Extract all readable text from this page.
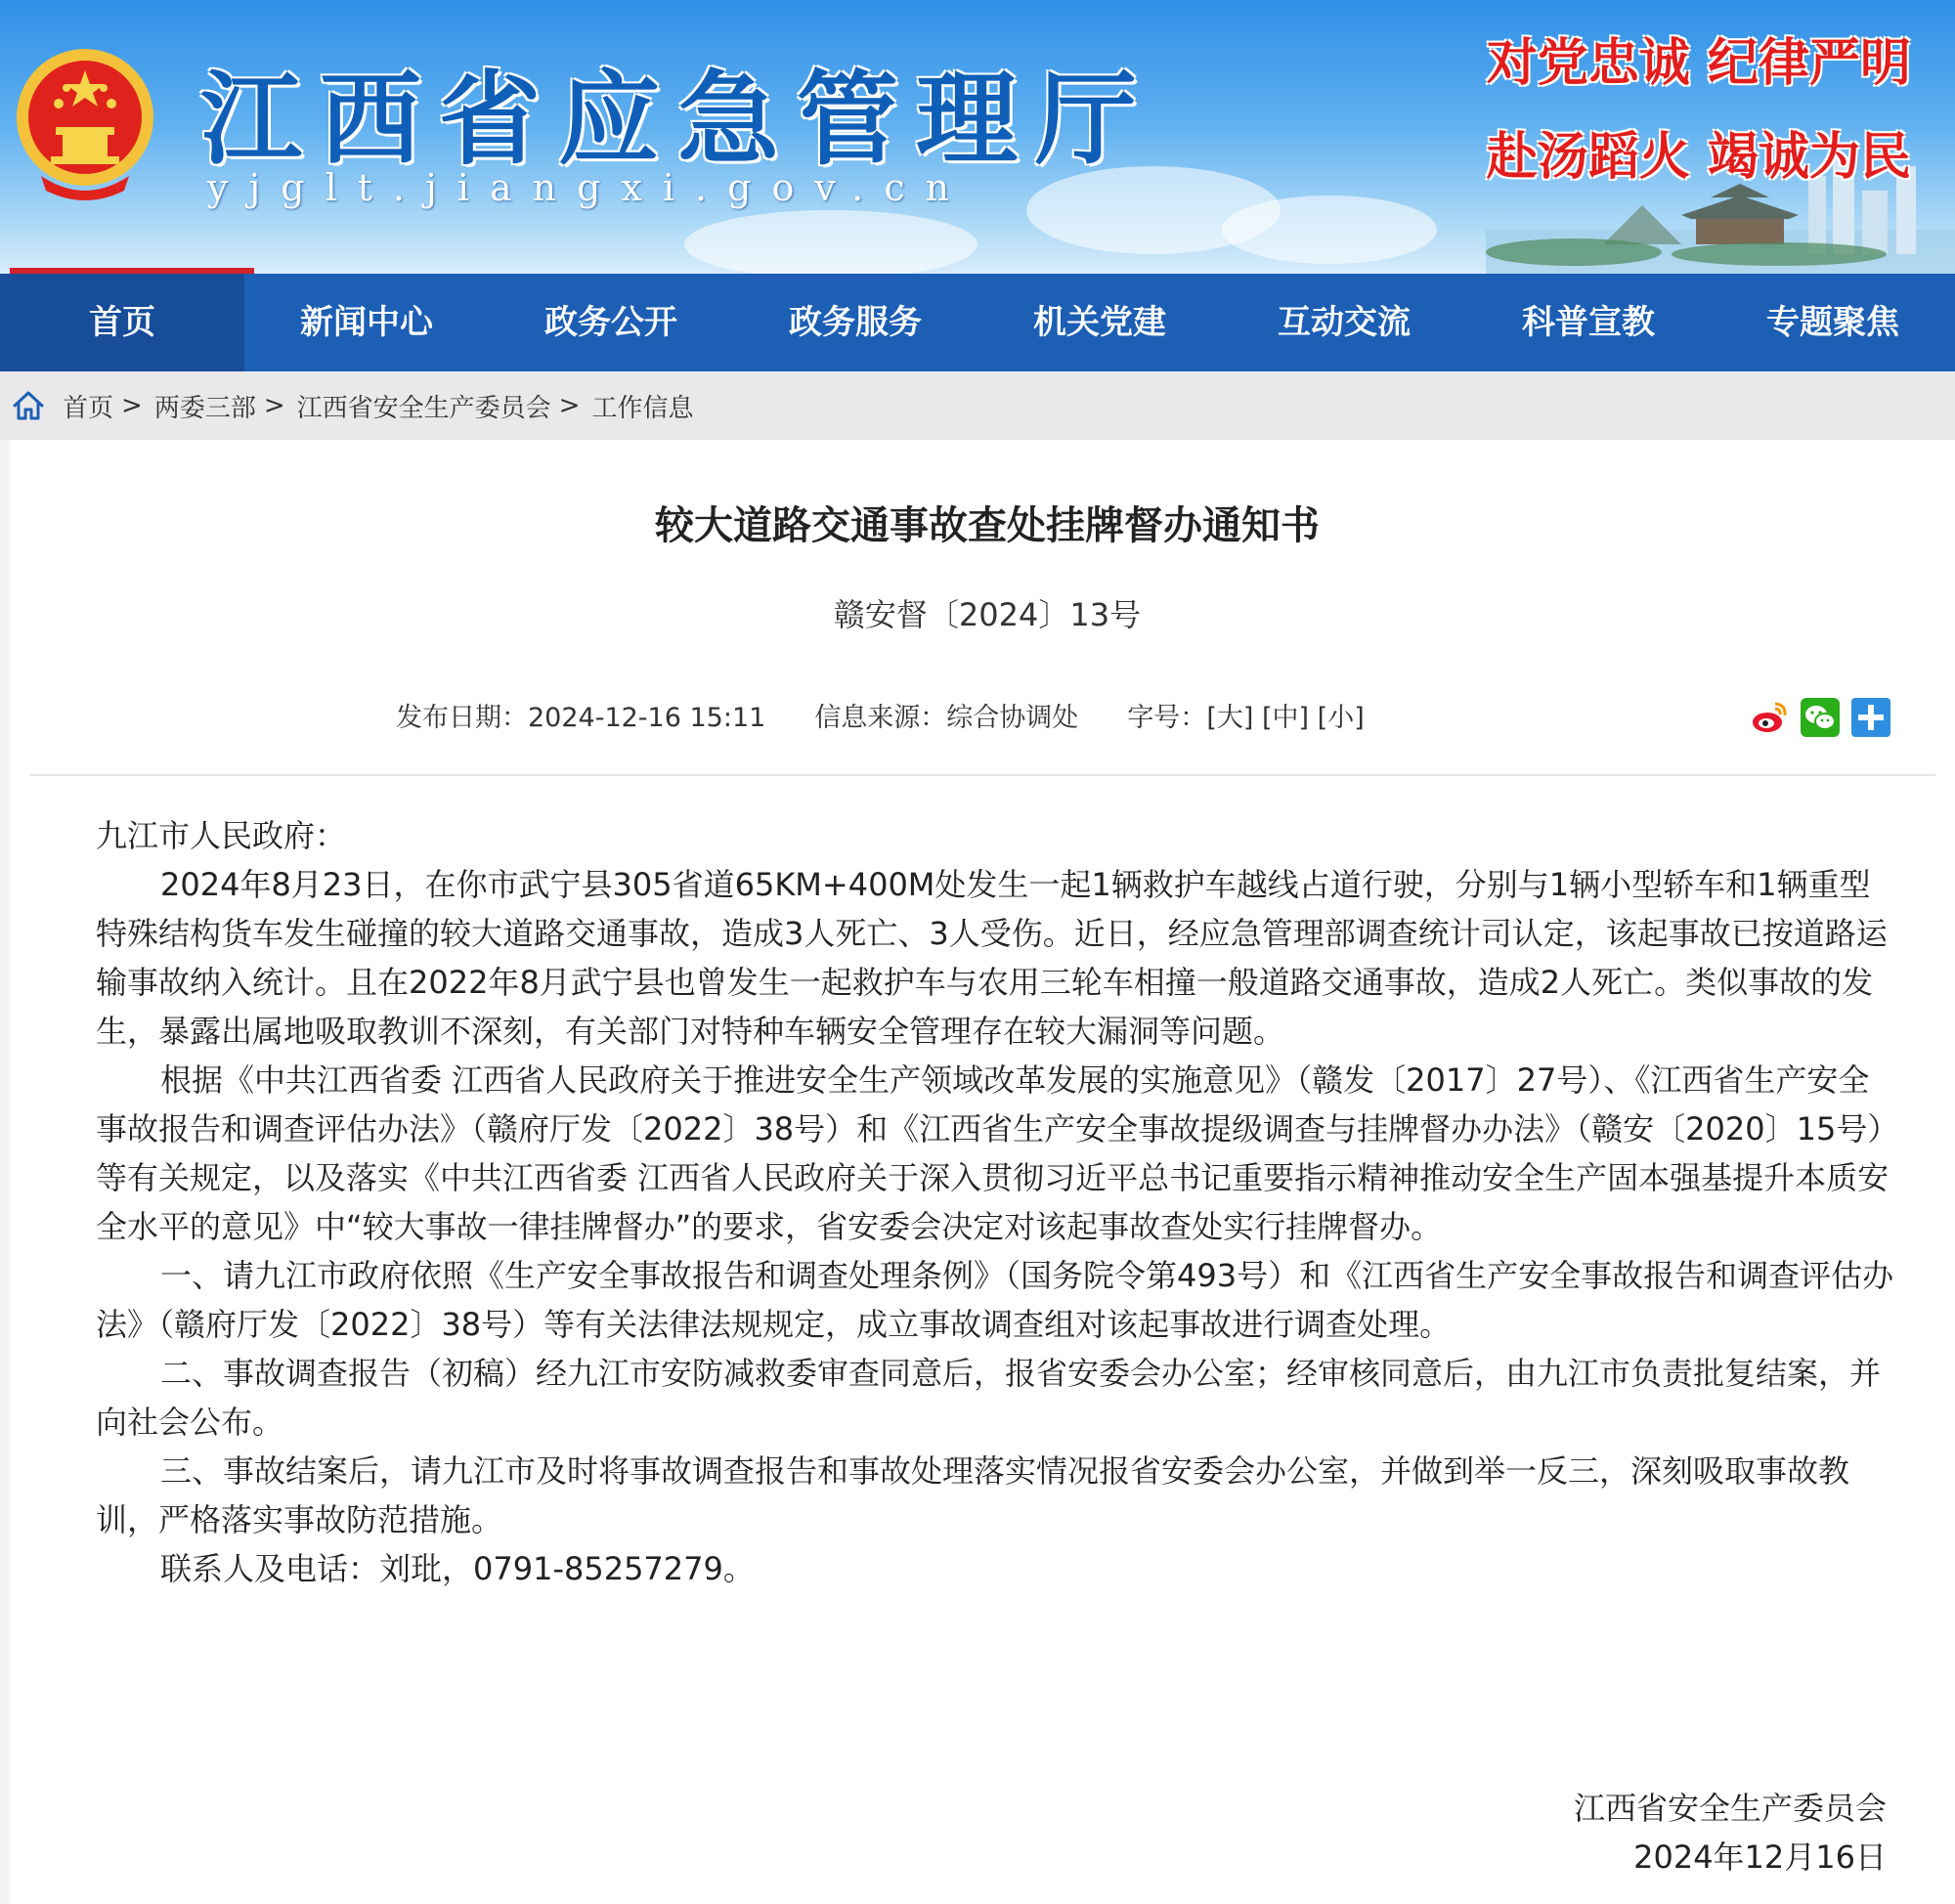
江西省应急管理厅

yjglt.jiangxi.gov.cn

对党忠诚 纪律严明

赴汤蹈火 竭诚为民

首页	新闻中心	政务公开	政务服务	机关党建	互动交流	科普宣教	专题聚焦
首页 > 两委三部 > 江西省安全生产委员会 > 工作信息
较大道路交通事故查处挂牌督办通知书

赣安督〔2024〕13号

发布日期：2024-12-16 15:11 信息来源：综合协调处 字号：[大] [中] [小]

九江市人民政府：

2024年8月23日，在你市武宁县305省道65KM+400M处发生一起1辆救护车越线占道行驶，分别与1辆小型轿车和1辆重型特殊结构货车发生碰撞的较大道路交通事故，造成3人死亡、3人受伤。近日，经应急管理部调查统计司认定，该起事故已按道路运输事故纳入统计。且在2022年8月武宁县也曾发生一起救护车与农用三轮车相撞一般道路交通事故，造成2人死亡。类似事故的发生，暴露出属地吸取教训不深刻，有关部门对特种车辆安全管理存在较大漏洞等问题。

根据《中共江西省委 江西省人民政府关于推进安全生产领域改革发展的实施意见》（赣发〔2017〕27号）、《江西省生产安全事故报告和调查评估办法》（赣府厅发〔2022〕38号）和《江西省生产安全事故提级调查与挂牌督办办法》（赣安〔2020〕15号）等有关规定，以及落实《中共江西省委 江西省人民政府关于深入贯彻习近平总书记重要指示精神推动安全生产固本强基提升本质安全水平的意见》中“较大事故一律挂牌督办”的要求，省安委会决定对该起事故查处实行挂牌督办。

一、请九江市政府依照《生产安全事故报告和调查处理条例》（国务院令第493号）和《江西省生产安全事故报告和调查评估办法》（赣府厅发〔2022〕38号）等有关法律法规规定，成立事故调查组对该起事故进行调查处理。

二、事故调查报告（初稿）经九江市安防减救委审查同意后，报省安委会办公室；经审核同意后，由九江市负责批复结案，并向社会公布。

三、事故结案后，请九江市及时将事故调查报告和事故处理落实情况报省安委会办公室，并做到举一反三，深刻吸取事故教训，严格落实事故防范措施。

联系人及电话：刘玭，0791-85257279。

江西省安全生产委员会

2024年12月16日
